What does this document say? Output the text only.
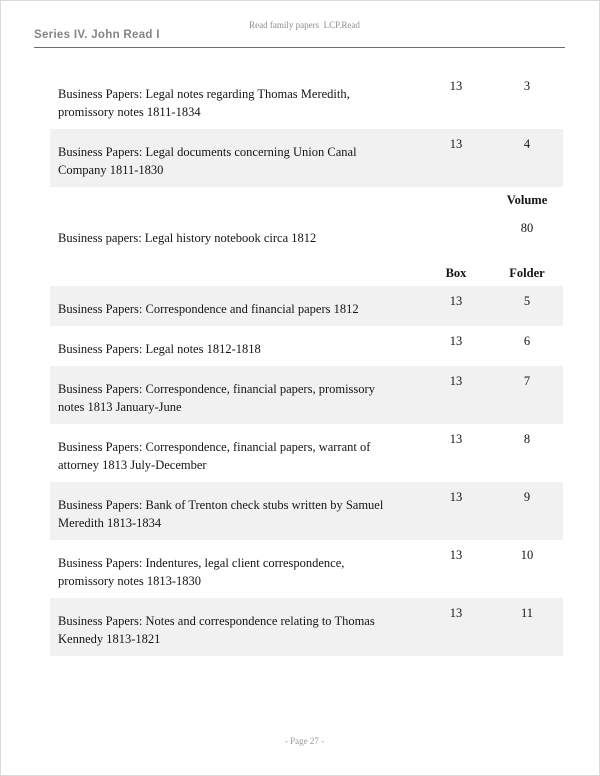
Read family papers  LCP.Read

Series IV. John Read I
Business Papers: Legal notes regarding Thomas Meredith, promissory notes 1811-1834
13	3
Business Papers: Legal documents concerning Union Canal Company 1811-1830
13	4
Volume
Business papers: Legal history notebook circa 1812
80
Box	Folder
Business Papers: Correspondence and financial papers 1812
13	5
Business Papers: Legal notes 1812-1818
13	6
Business Papers: Correspondence, financial papers, promissory notes 1813 January-June
13	7
Business Papers: Correspondence, financial papers, warrant of attorney 1813 July-December
13	8
Business Papers: Bank of Trenton check stubs written by Samuel Meredith 1813-1834
13	9
Business Papers: Indentures, legal client correspondence, promissory notes 1813-1830
13	10
Business Papers: Notes and correspondence relating to Thomas Kennedy 1813-1821
13	11

- Page 27 -
